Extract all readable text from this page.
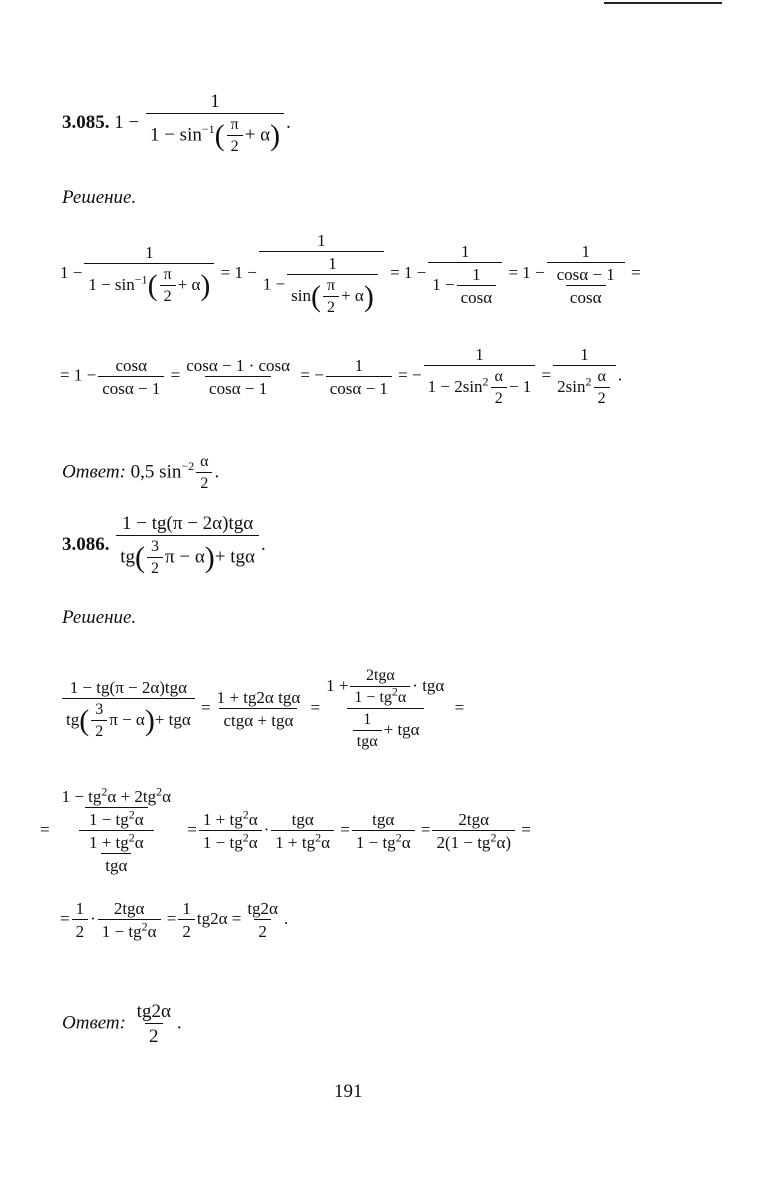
3.085. $1 - \frac{1}{1 - \sin^{-1}( \frac{\pi}{2} + \alpha)}$ .
Решение.
$1 - \frac{1}{1 - \sin^{-1}( \frac{\pi}{2} + \alpha)} = 1 - \frac{1}{1 - \frac{1}{\sin( \frac{\pi}{2} + \alpha)}} = 1 - \frac{1}{1 - \frac{1}{\cos\alpha}} = 1 - \frac{1}{\frac{\cos\alpha - 1}{\cos\alpha}}$ =
= $1 - \frac{\cos\alpha}{\cos\alpha - 1} = \frac{\cos\alpha - 1 \cdot \cos\alpha}{\cos\alpha - 1}$ = − $\frac{1}{\cos\alpha - 1}$ = − $\frac{1}{1 - 2\sin^2 \frac{\alpha}{2} - 1} = \frac{1}{2\sin^2 \frac{\alpha}{2}}$ .
Ответ: 0,5 $\sin^{-2} \frac{\alpha}{2}$ .
3.086. $\frac{\text{1 − tg(π − 2α)tgα}}{tg( \frac{3}{2} \pi - \alpha)+ tg\alpha}$ .
Решение.
$\frac{\text{1 − tg(π − 2α)tgα}}{tg( \frac{3}{2} \pi - \alpha)+ tg\alpha} = \frac{\text{1 + tg2α tgα}}{\text{ctgα + tgα}} = \frac{1 + \frac{\text{2tgα}}{1 - tg^2\alpha} \cdot tg\alpha}{\frac{1}{\text{tgα}} + tg\alpha}$ =
= $\frac{\frac{1 - tg^2\alpha + 2tg^2\alpha}{1 - tg^2\alpha}}{\frac{1 + tg^2\alpha}{\text{tgα}}} = \frac{1 + tg^2\alpha}{1 - tg^2\alpha} \cdot \frac{\text{tgα}}{1 + tg^2\alpha} = \frac{\text{tgα}}{1 - tg^2\alpha} = \frac{\text{2tgα}}{2(1 - tg^2\alpha)}$ =
= $\frac{1}{2} \cdot \frac{\text{2tgα}}{1 - tg^2\alpha} = \frac{1}{2} tg2\alpha = \frac{tg2\alpha}{2}$ .
Ответ: $\frac{tg2\alpha}{2}$ .
191
